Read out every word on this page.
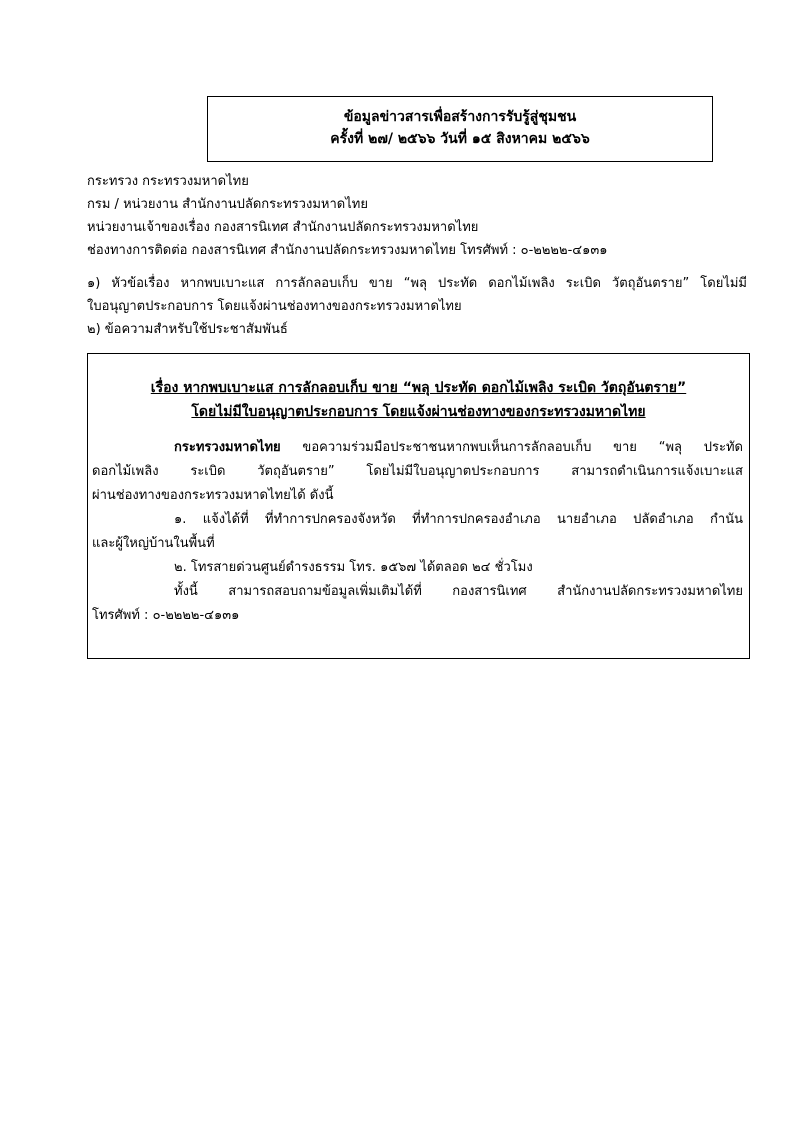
ข้อมูลข่าวสารเพื่อสร้างการรับรู้สู่ชุมชน
ครั้งที่ ๒๗/ ๒๕๖๖ วันที่ ๑๕ สิงหาคม ๒๕๖๖
กระทรวง กระทรวงมหาดไทย
กรม / หน่วยงาน สำนักงานปลัดกระทรวงมหาดไทย
หน่วยงานเจ้าของเรื่อง กองสารนิเทศ สำนักงานปลัดกระทรวงมหาดไทย
ช่องทางการติดต่อ กองสารนิเทศ สำนักงานปลัดกระทรวงมหาดไทย โทรศัพท์ : ๐-๒๒๒๒-๔๑๓๑
๑) หัวข้อเรื่อง หากพบเบาะแส การลักลอบเก็บ ขาย “พลุ ประทัด ดอกไม้เพลิง ระเบิด วัตถุอันตราย” โดยไม่มี
ใบอนุญาตประกอบการ โดยแจ้งผ่านช่องทางของกระทรวงมหาดไทย
๒) ข้อความสำหรับใช้ประชาสัมพันธ์
เรื่อง หากพบเบาะแส การลักลอบเก็บ ขาย “พลุ ประทัด ดอกไม้เพลิง ระเบิด วัตถุอันตราย”
โดยไม่มีใบอนุญาตประกอบการ โดยแจ้งผ่านช่องทางของกระทรวงมหาดไทย
กระทรวงมหาดไทย ขอความร่วมมือประชาชนหากพบเห็นการลักลอบเก็บ ขาย “พลุ ประทัด
ดอกไม้เพลิง ระเบิด วัตถุอันตราย” โดยไม่มีใบอนุญาตประกอบการ สามารถดำเนินการแจ้งเบาะแส
ผ่านช่องทางของกระทรวงมหาดไทยได้ ดังนี้
๑. แจ้งได้ที่ ที่ทำการปกครองจังหวัด ที่ทำการปกครองอำเภอ นายอำเภอ ปลัดอำเภอ กำนัน
และผู้ใหญ่บ้านในพื้นที่
๒. โทรสายด่วนศูนย์ดำรงธรรม โทร. ๑๕๖๗ ได้ตลอด ๒๔ ชั่วโมง
ทั้งนี้ สามารถสอบถามข้อมูลเพิ่มเติมได้ที่ กองสารนิเทศ สำนักงานปลัดกระทรวงมหาดไทย
โทรศัพท์ : ๐-๒๒๒๒-๔๑๓๑
